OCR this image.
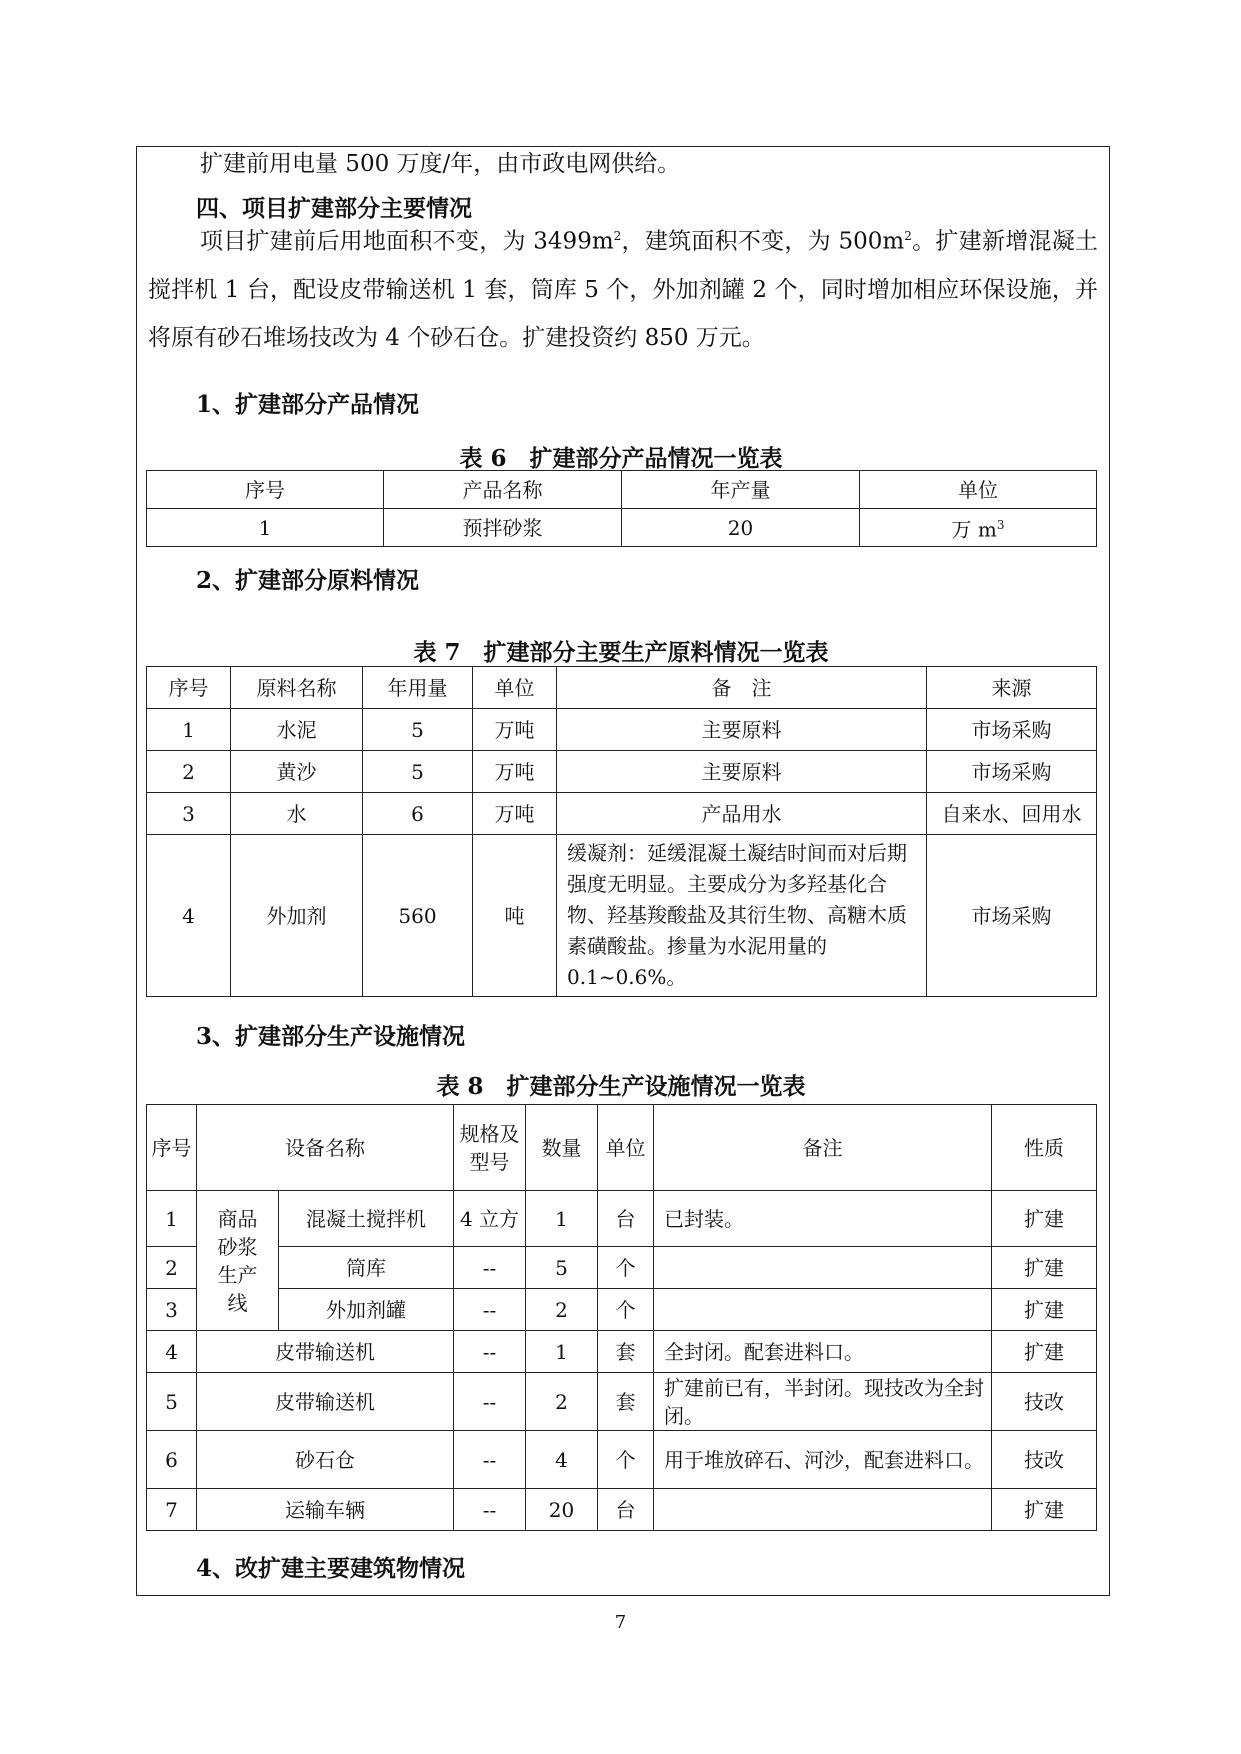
扩建前用电量 500 万度/年，由市政电网供给。

四、项目扩建部分主要情况

项目扩建前后用地面积不变，为 $3499m^2$，建筑面积不变，为 $500m^2$。扩建新增混凝土搅拌机 1 台，配设皮带输送机 1 套，筒库 5 个，外加剂罐 2 个，同时增加相应环保设施，并将原有砂石堆场技改为 4 个砂石仓。扩建投资约 850 万元。

1、扩建部分产品情况

表 6　扩建部分产品情况一览表

序号	产品名称	年产量	单位
1	预拌砂浆	20	万 $m^3$

2、扩建部分原料情况

表 7　扩建部分主要生产原料情况一览表

序号	原料名称	年用量	单位	备　注	来源
1	水泥	5	万吨	主要原料	市场采购
2	黄沙	5	万吨	主要原料	市场采购
3	水	6	万吨	产品用水	自来水、回用水
4	外加剂	560	吨	缓凝剂：延缓混凝土凝结时间而对后期强度无明显。主要成分为多羟基化合物、羟基羧酸盐及其衍生物、高糖木质素磺酸盐。掺量为水泥用量的 0.1~0.6%。	市场采购

3、扩建部分生产设施情况

表 8　扩建部分生产设施情况一览表

序号	设备名称		规格及型号	数量	单位	备注	性质
1	商品砂浆生产线	混凝土搅拌机	4 立方	1	台	已封装。	扩建
2		筒库	--	5	个		扩建
3		外加剂罐	--	2	个		扩建
4	皮带输送机		--	1	套	全封闭。配套进料口。	扩建
5	皮带输送机		--	2	套	扩建前已有，半封闭。现技改为全封闭。	技改
6	砂石仓		--	4	个	用于堆放碎石、河沙，配套进料口。	技改
7	运输车辆		--	20	台		扩建

4、改扩建主要建筑物情况

7
